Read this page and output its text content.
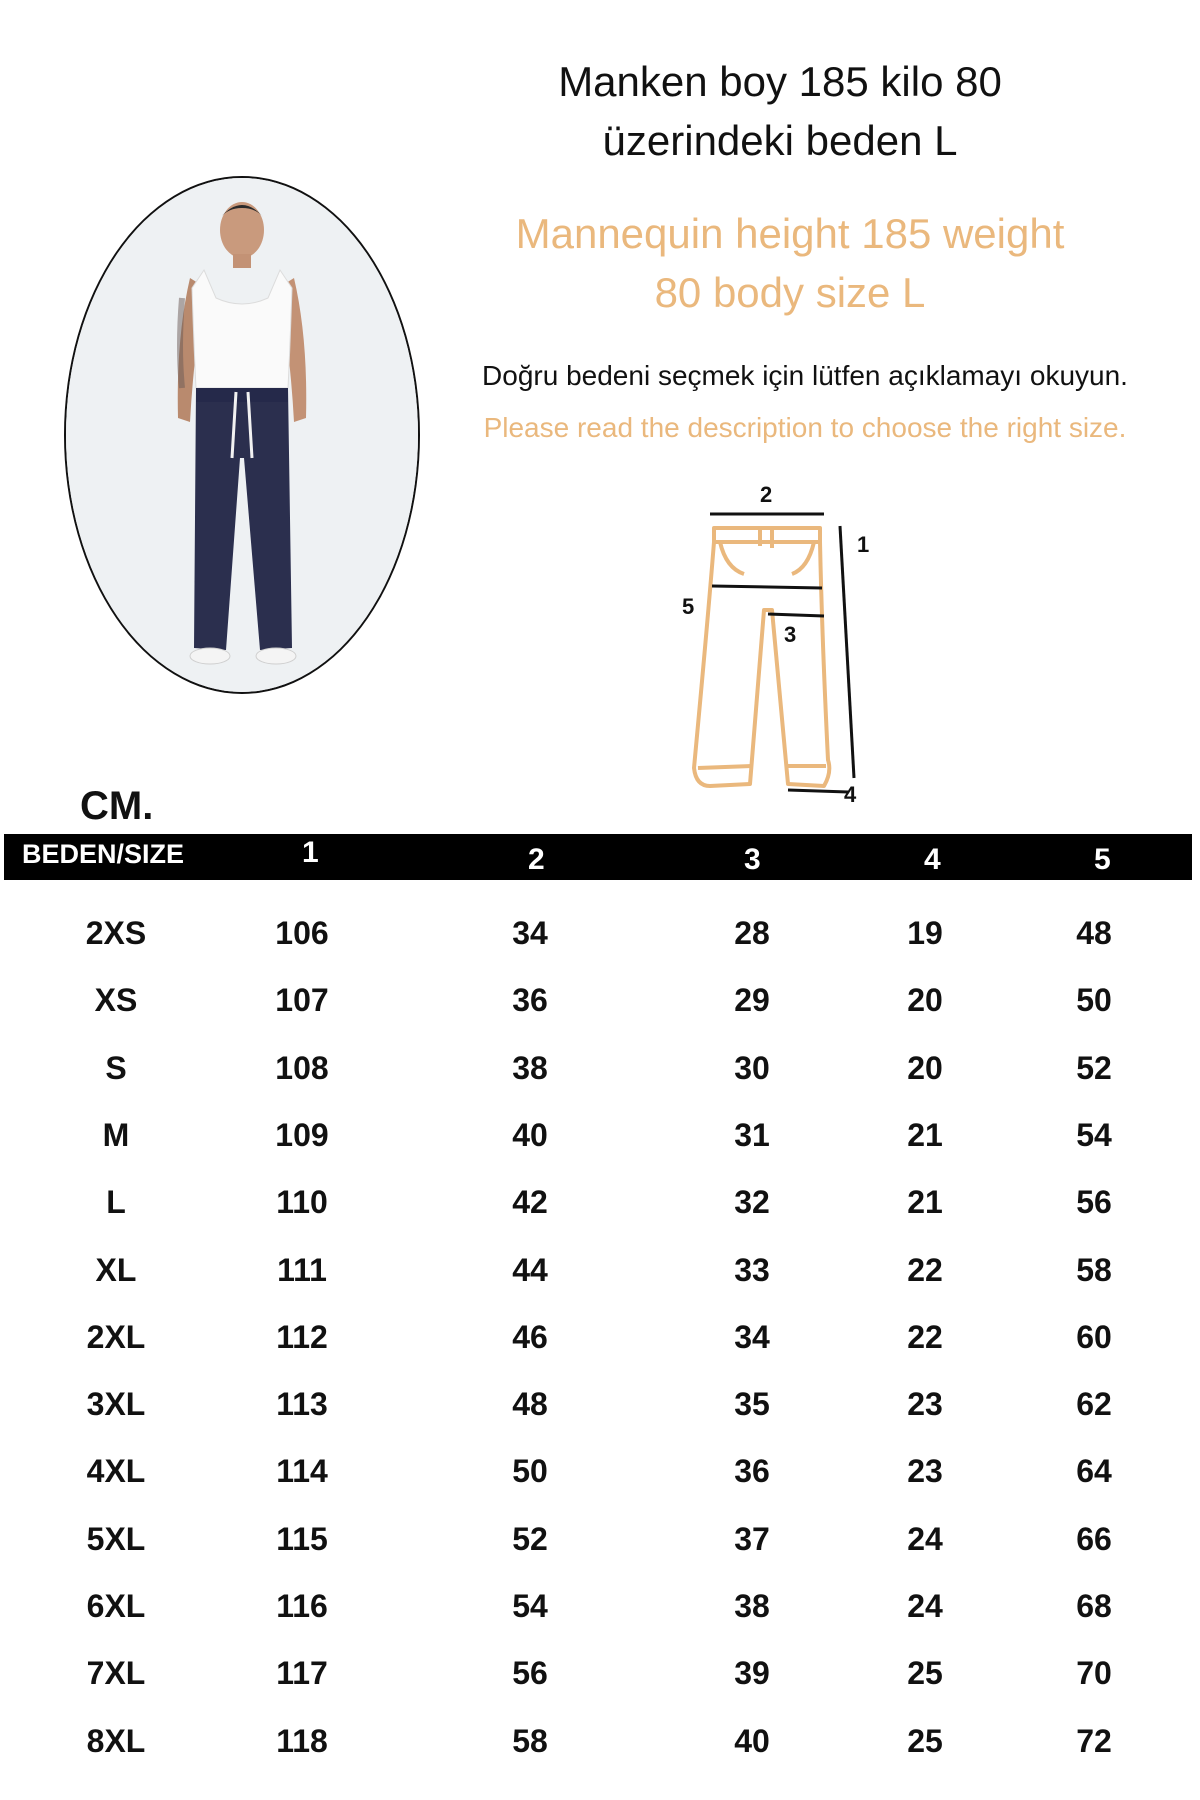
Manken boy 185 kilo 80
üzerindeki beden L
Mannequin height 185 weight
80 body size L
Doğru bedeni seçmek için lütfen açıklamayı okuyun.
Please read the description to choose the right size.
1
2
3
4
5
CM.
BEDEN/SIZE	1	2	3	4	5
2XS	106	34	28	19	48
XS	107	36	29	20	50
S	108	38	30	20	52
M	109	40	31	21	54
L	110	42	32	21	56
XL	111	44	33	22	58
2XL	112	46	34	22	60
3XL	113	48	35	23	62
4XL	114	50	36	23	64
5XL	115	52	37	24	66
6XL	116	54	38	24	68
7XL	117	56	39	25	70
8XL	118	58	40	25	72
